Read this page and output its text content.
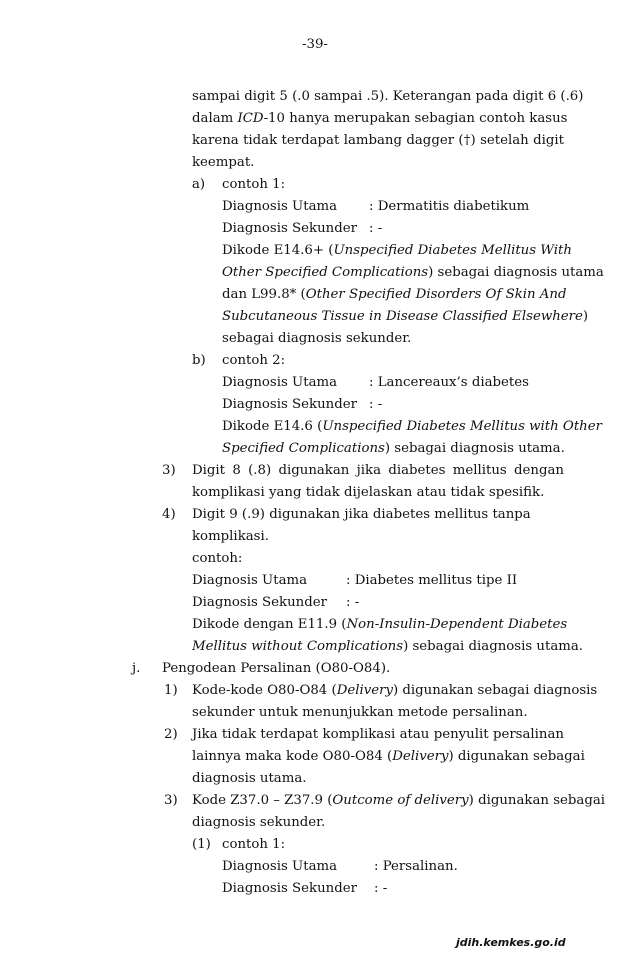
-39-
sampai digit 5 (.0 sampai .5). Keterangan pada digit 6 (.6)
dalam ICD-10 hanya merupakan sebagian contoh kasus
karena tidak terdapat lambang dagger (†) setelah digit
keempat.
a) contoh 1:
Diagnosis Utama : Dermatitis diabetikum
Diagnosis Sekunder : -
Dikode E14.6+ (Unspecified Diabetes Mellitus With
Other Specified Complications) sebagai diagnosis utama
dan L99.8* (Other Specified Disorders Of Skin And
Subcutaneous Tissue in Disease Classified Elsewhere)
sebagai diagnosis sekunder.
b) contoh 2:
Diagnosis Utama : Lancereaux’s diabetes
Diagnosis Sekunder : -
Dikode E14.6 (Unspecified Diabetes Mellitus with Other
Specified Complications) sebagai diagnosis utama.
3) Digit 8 (.8) digunakan jika diabetes mellitus dengan
komplikasi yang tidak dijelaskan atau tidak spesifik.
4) Digit 9 (.9) digunakan jika diabetes mellitus tanpa
komplikasi.
contoh:
Diagnosis Utama	: Diabetes mellitus tipe II
Diagnosis Sekunder : -
Dikode dengan E11.9 (Non-Insulin-Dependent Diabetes
Mellitus without Complications) sebagai diagnosis utama.
j. Pengodean Persalinan (O80-O84).
1) Kode-kode O80-O84 (Delivery) digunakan sebagai diagnosis
sekunder untuk menunjukkan metode persalinan.
2) Jika tidak terdapat komplikasi atau penyulit persalinan
lainnya maka kode O80-O84 (Delivery) digunakan sebagai
diagnosis utama.
3) Kode Z37.0 – Z37.9 (Outcome of delivery) digunakan sebagai
diagnosis sekunder.
(1) contoh 1:
Diagnosis Utama	: Persalinan.
Diagnosis Sekunder : -
jdih.kemkes.go.id
